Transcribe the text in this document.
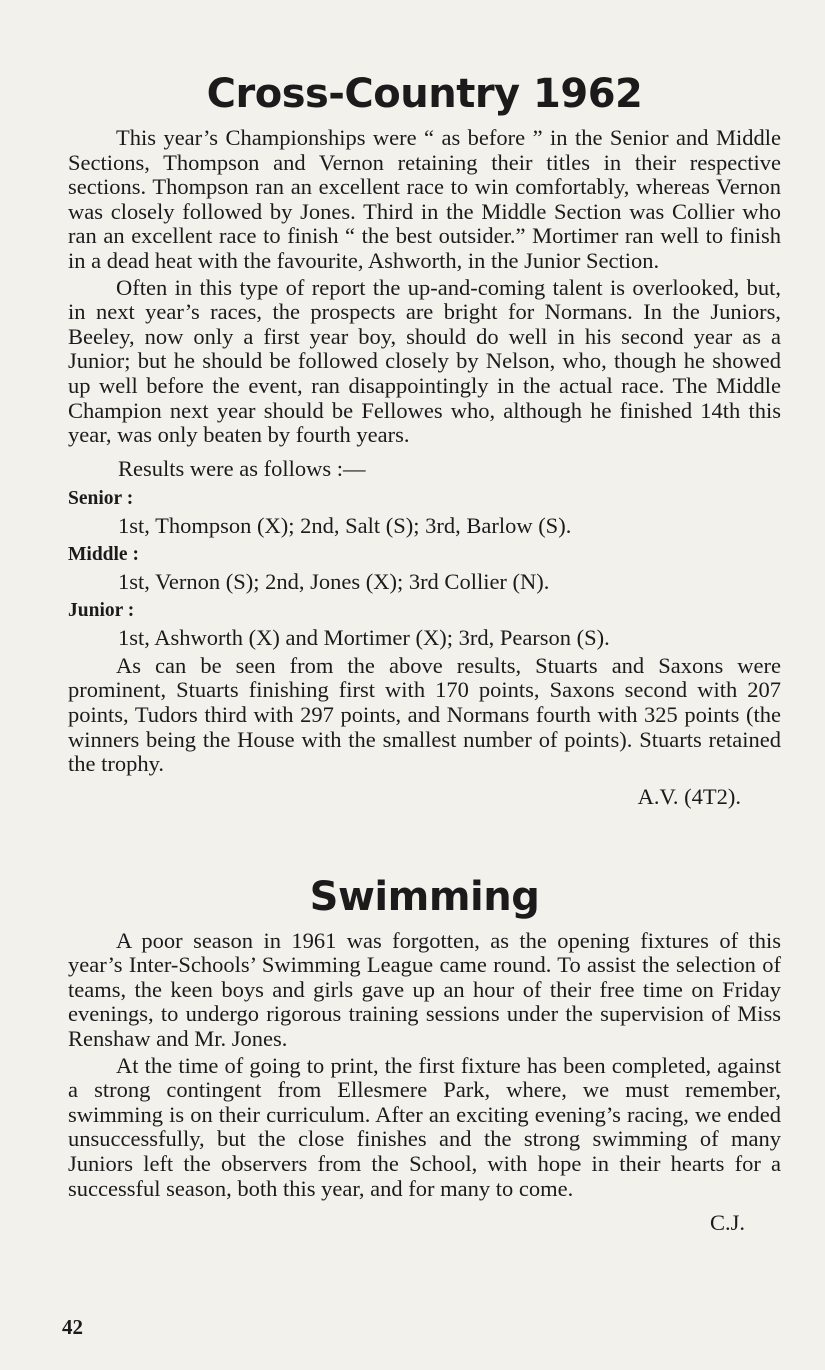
Cross-Country 1962

This year’s Championships were “ as before ” in the Senior and Middle Sections, Thompson and Vernon retaining their titles in their respective sections. Thompson ran an excellent race to win comfortably, whereas Vernon was closely followed by Jones. Third in the Middle Section was Collier who ran an excellent race to finish “ the best outsider.” Mortimer ran well to finish in a dead heat with the favourite, Ashworth, in the Junior Section.

Often in this type of report the up-and-coming talent is overlooked, but, in next year’s races, the prospects are bright for Normans. In the Juniors, Beeley, now only a first year boy, should do well in his second year as a Junior; but he should be followed closely by Nelson, who, though he showed up well before the event, ran disappointingly in the actual race. The Middle Champion next year should be Fellowes who, although he finished 14th this year, was only beaten by fourth years.

Results were as follows :—
Senior :
1st, Thompson (X); 2nd, Salt (S); 3rd, Barlow (S).
Middle :
1st, Vernon (S); 2nd, Jones (X); 3rd Collier (N).
Junior :
1st, Ashworth (X) and Mortimer (X); 3rd, Pearson (S).

As can be seen from the above results, Stuarts and Saxons were prominent, Stuarts finishing first with 170 points, Saxons second with 207 points, Tudors third with 297 points, and Normans fourth with 325 points (the winners being the House with the smallest number of points). Stuarts retained the trophy.

A.V. (4T2).
Swimming

A poor season in 1961 was forgotten, as the opening fixtures of this year’s Inter-Schools’ Swimming League came round. To assist the selection of teams, the keen boys and girls gave up an hour of their free time on Friday evenings, to undergo rigorous training sessions under the supervision of Miss Renshaw and Mr. Jones.

At the time of going to print, the first fixture has been completed, against a strong contingent from Ellesmere Park, where, we must remember, swimming is on their curriculum. After an exciting evening’s racing, we ended unsuccessfully, but the close finishes and the strong swimming of many Juniors left the observers from the School, with hope in their hearts for a successful season, both this year, and for many to come.

C.J.
42
